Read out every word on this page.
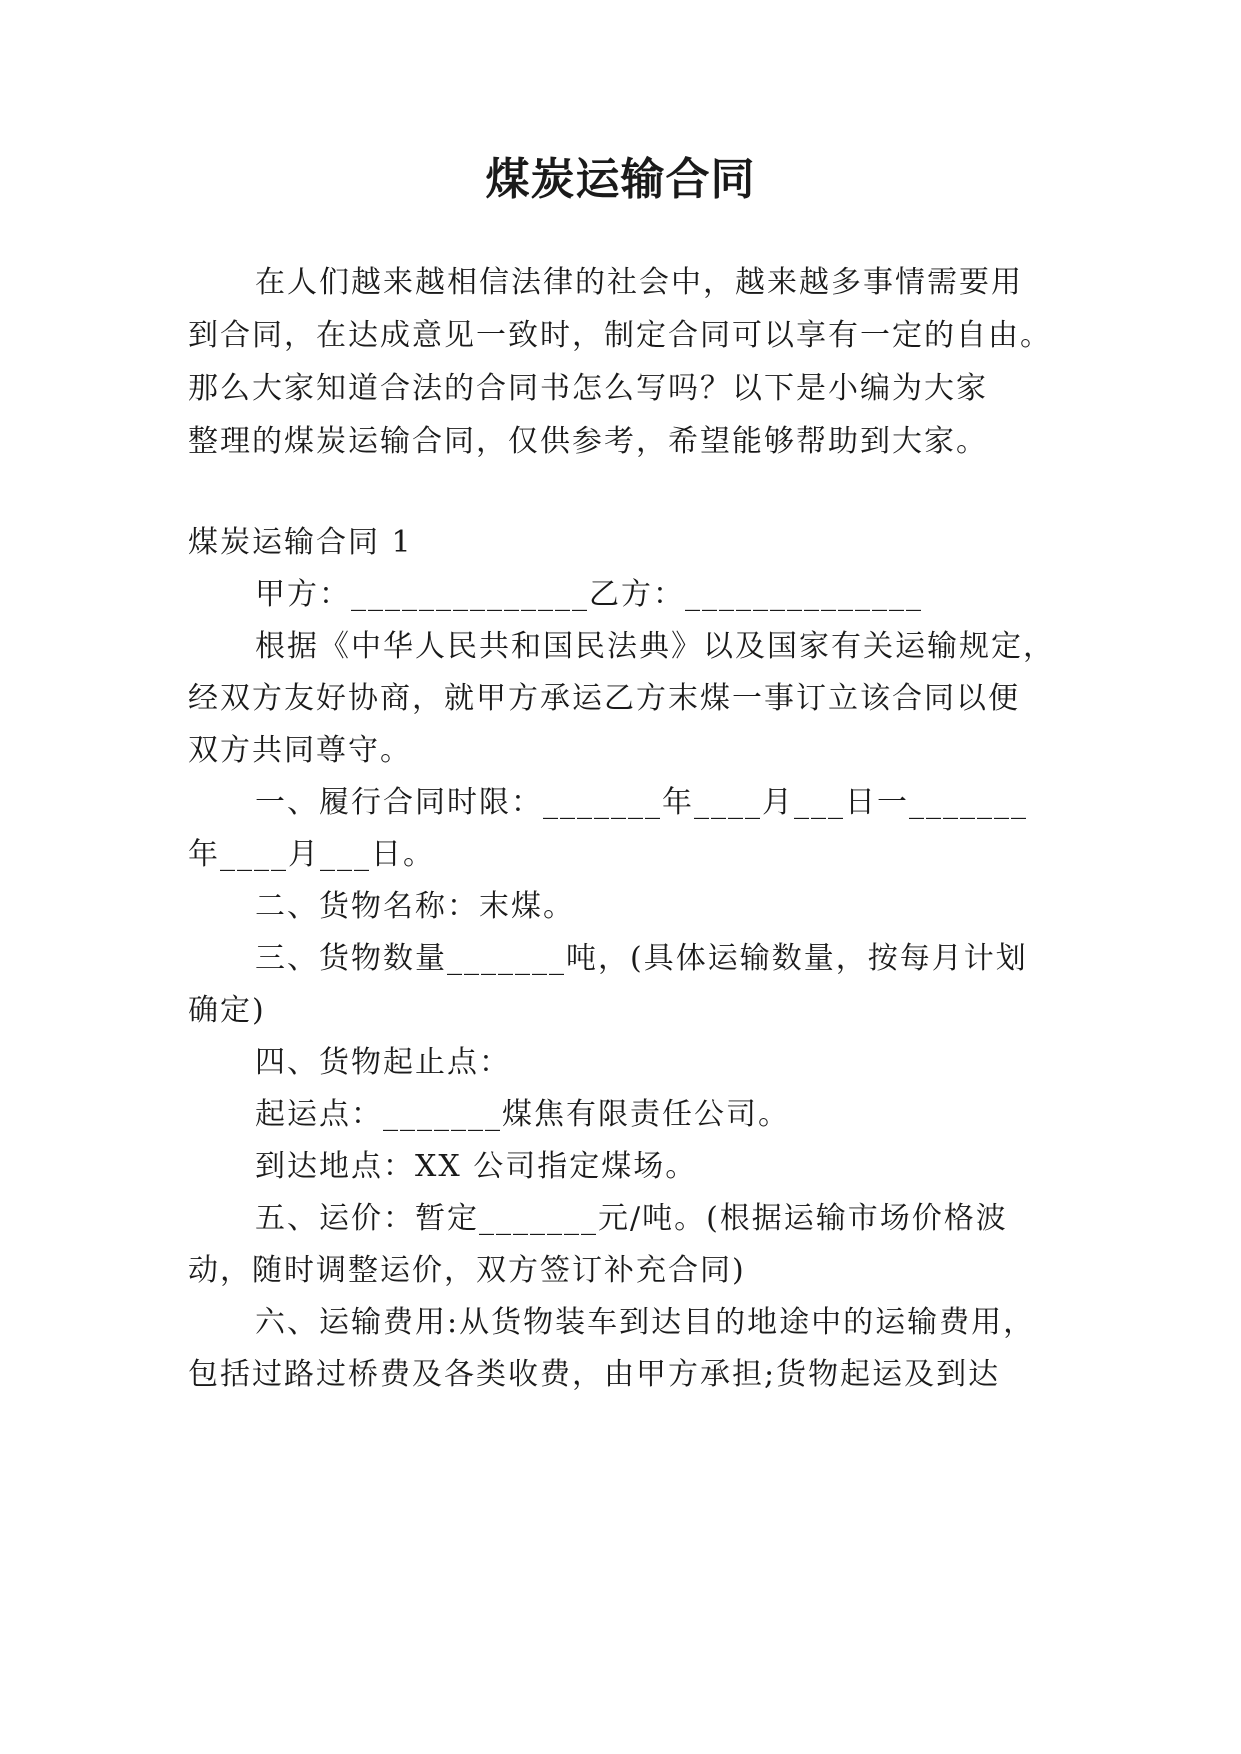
煤炭运输合同
在人们越来越相信法律的社会中，越来越多事情需要用
到合同，在达成意见一致时，制定合同可以享有一定的自由。
那么大家知道合法的合同书怎么写吗？以下是小编为大家
整理的煤炭运输合同，仅供参考，希望能够帮助到大家。
煤炭运输合同 1
甲方：______________乙方：______________
根据《中华人民共和国民法典》以及国家有关运输规定，
经双方友好协商，就甲方承运乙方末煤一事订立该合同以便
双方共同尊守。
一、履行合同时限：_______年____月___日一_______
年____月___日。
二、货物名称：末煤。
三、货物数量_______吨，(具体运输数量，按每月计划
确定)
四、货物起止点：
起运点：_______煤焦有限责任公司。
到达地点：XX 公司指定煤场。
五、运价：暂定_______元/吨。(根据运输市场价格波
动，随时调整运价，双方签订补充合同)
六、运输费用:从货物装车到达目的地途中的运输费用，
包括过路过桥费及各类收费，由甲方承担;货物起运及到达
